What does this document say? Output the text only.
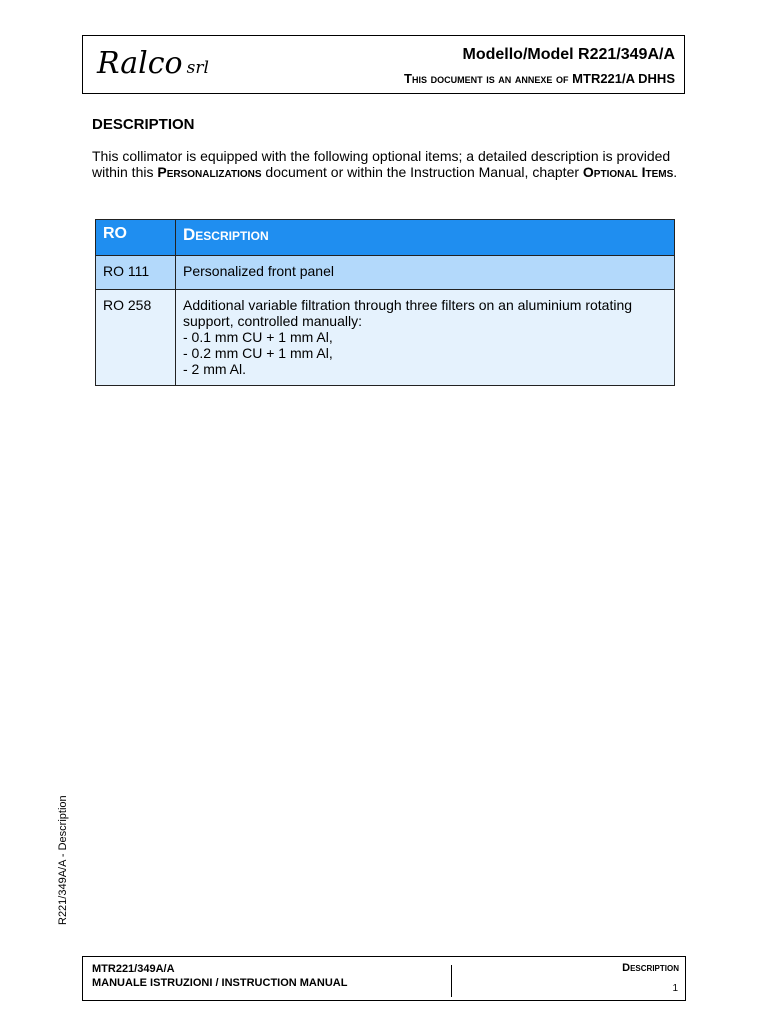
Ralco srl
Modello/Model R221/349A/A
This document is an annexe of MTR221/A DHHS
DESCRIPTION
This collimator is equipped with the following optional items; a detailed description is provided within this Personalizations document or within the Instruction Manual, chapter Optional Items.
RO	Description
RO 111	Personalized front panel

RO 258	Additional variable filtration through three filters on an aluminium rotating support, controlled manually:
- 0.1 mm CU + 1 mm Al,
- 0.2 mm CU + 1 mm Al,
- 2 mm Al.
R221/349A/A - Description
MTR221/349A/A
MANUALE ISTRUZIONI / INSTRUCTION MANUAL
Description
1
